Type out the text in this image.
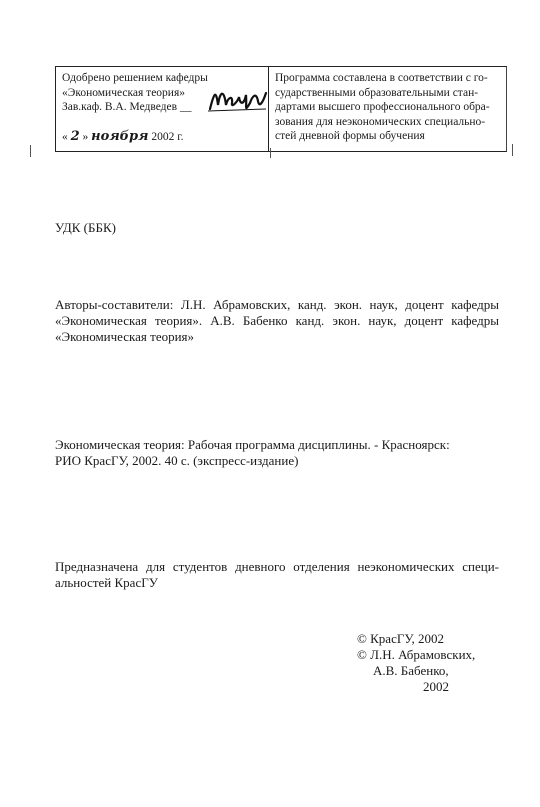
Одобрено решением кафедры
«Экономическая теория»
Зав.каф. В.А. Медведев __
« 2 » ноября 2002 г.
Программа составлена в соответствии с го-
сударственными образовательными стан-
дартами высшего профессионального обра-
зования для неэкономических специально-
стей дневной формы обучения
УДК (ББК)
Авторы-составители: Л.Н. Абрамовских, канд. экон. наук, доцент кафедры
«Экономическая теория». А.В. Бабенко канд. экон. наук, доцент кафедры
«Экономическая теория»
Экономическая теория: Рабочая программа дисциплины. - Красноярск:
РИО КрасГУ, 2002. 40 с. (экспресс-издание)
Предназначена для студентов дневного отделения неэкономических специ-
альностей КрасГУ
© КрасГУ, 2002
© Л.Н. Абрамовских,
А.В. Бабенко,
2002
